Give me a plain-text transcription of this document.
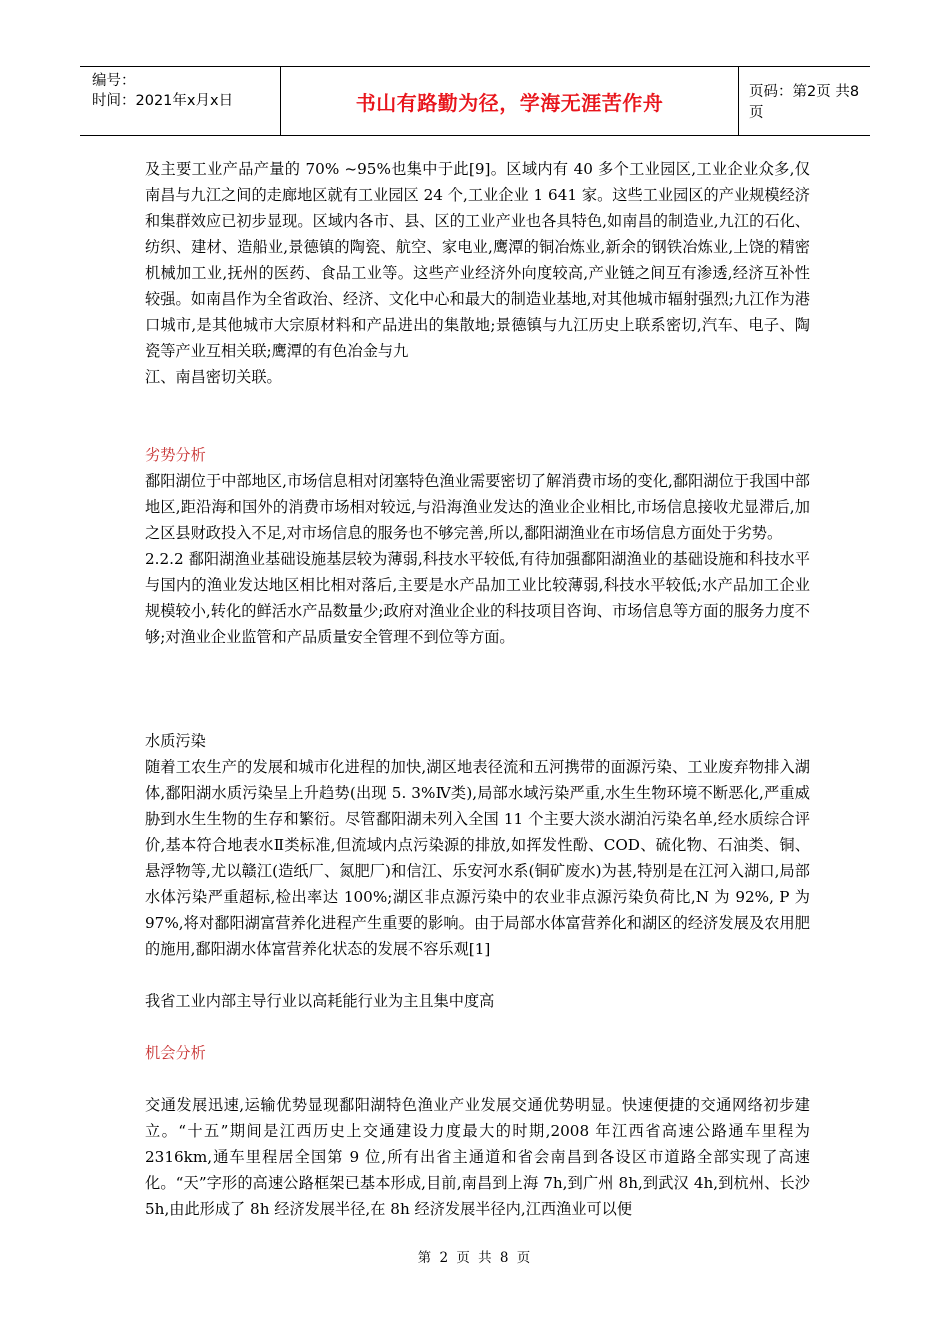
编号：
时间：2021年x月x日	书山有路勤为径，学海无涯苦作舟	页码：第2页 共8页

及主要工业产品产量的 70% ~95%也集中于此[9]。区域内有 40 多个工业园区,工业企业众多,仅南昌与九江之间的走廊地区就有工业园区 24 个,工业企业 1 641 家。这些工业园区的产业规模经济和集群效应已初步显现。区域内各市、县、区的工业产业也各具特色,如南昌的制造业,九江的石化、纺织、建材、造船业,景德镇的陶瓷、航空、家电业,鹰潭的铜冶炼业,新余的钢铁冶炼业,上饶的精密机械加工业,抚州的医药、食品工业等。这些产业经济外向度较高,产业链之间互有渗透,经济互补性较强。如南昌作为全省政治、经济、文化中心和最大的制造业基地,对其他城市辐射强烈;九江作为港口城市,是其他城市大宗原材料和产品进出的集散地;景德镇与九江历史上联系密切,汽车、电子、陶瓷等产业互相关联;鹰潭的有色冶金与九

江、南昌密切关联。

劣势分析

鄱阳湖位于中部地区,市场信息相对闭塞特色渔业需要密切了解消费市场的变化,鄱阳湖位于我国中部地区,距沿海和国外的消费市场相对较远,与沿海渔业发达的渔业企业相比,市场信息接收尤显滞后,加之区县财政投入不足,对市场信息的服务也不够完善,所以,鄱阳湖渔业在市场信息方面处于劣势。

2.2.2 鄱阳湖渔业基础设施基层较为薄弱,科技水平较低,有待加强鄱阳湖渔业的基础设施和科技水平与国内的渔业发达地区相比相对落后,主要是水产品加工业比较薄弱,科技水平较低;水产品加工企业规模较小,转化的鲜活水产品数量少;政府对渔业企业的科技项目咨询、市场信息等方面的服务力度不够;对渔业企业监管和产品质量安全管理不到位等方面。

水质污染

随着工农生产的发展和城市化进程的加快,湖区地表径流和五河携带的面源污染、工业废弃物排入湖体,鄱阳湖水质污染呈上升趋势(出现 5. 3%Ⅳ类),局部水域污染严重,水生生物环境不断恶化,严重威胁到水生生物的生存和繁衍。尽管鄱阳湖未列入全国 11 个主要大淡水湖泊污染名单,经水质综合评价,基本符合地表水Ⅱ类标准,但流域内点污染源的排放,如挥发性酚、COD、硫化物、石油类、铜、悬浮物等,尤以赣江(造纸厂、氮肥厂)和信江、乐安河水系(铜矿废水)为甚,特别是在江河入湖口,局部水体污染严重超标,检出率达 100%;湖区非点源污染中的农业非点源污染负荷比,N 为 92%, P 为 97%,将对鄱阳湖富营养化进程产生重要的影响。由于局部水体富营养化和湖区的经济发展及农用肥的施用,鄱阳湖水体富营养化状态的发展不容乐观[1]

我省工业内部主导行业以高耗能行业为主且集中度高

机会分析

交通发展迅速,运输优势显现鄱阳湖特色渔业产业发展交通优势明显。快速便捷的交通网络初步建立。“十五”期间是江西历史上交通建设力度最大的时期,2008 年江西省高速公路通车里程为 2316km,通车里程居全国第 9 位,所有出省主通道和省会南昌到各设区市道路全部实现了高速化。“天”字形的高速公路框架已基本形成,目前,南昌到上海 7h,到广州 8h,到武汉 4h,到杭州、长沙 5h,由此形成了 8h 经济发展半径,在 8h 经济发展半径内,江西渔业可以便

第 2 页 共 8 页
